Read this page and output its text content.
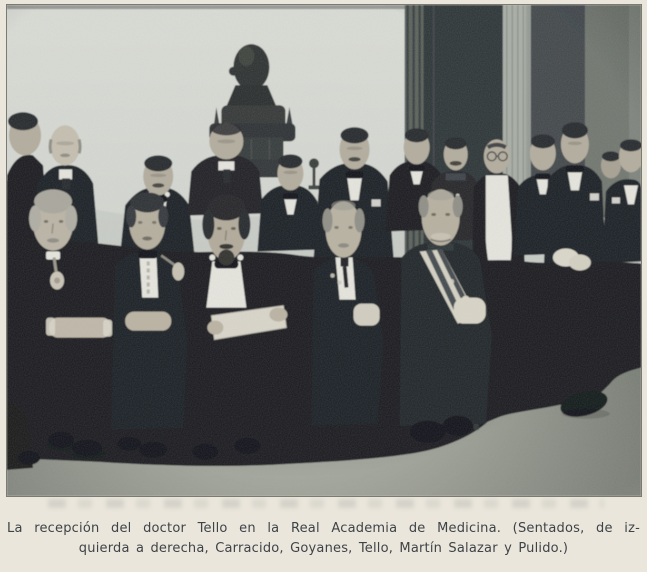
La recepción del doctor Tello en la Real Academia de Medicina. (Sentados, de iz-

quierda a derecha, Carracido, Goyanes, Tello, Martín Salazar y Pulido.)
